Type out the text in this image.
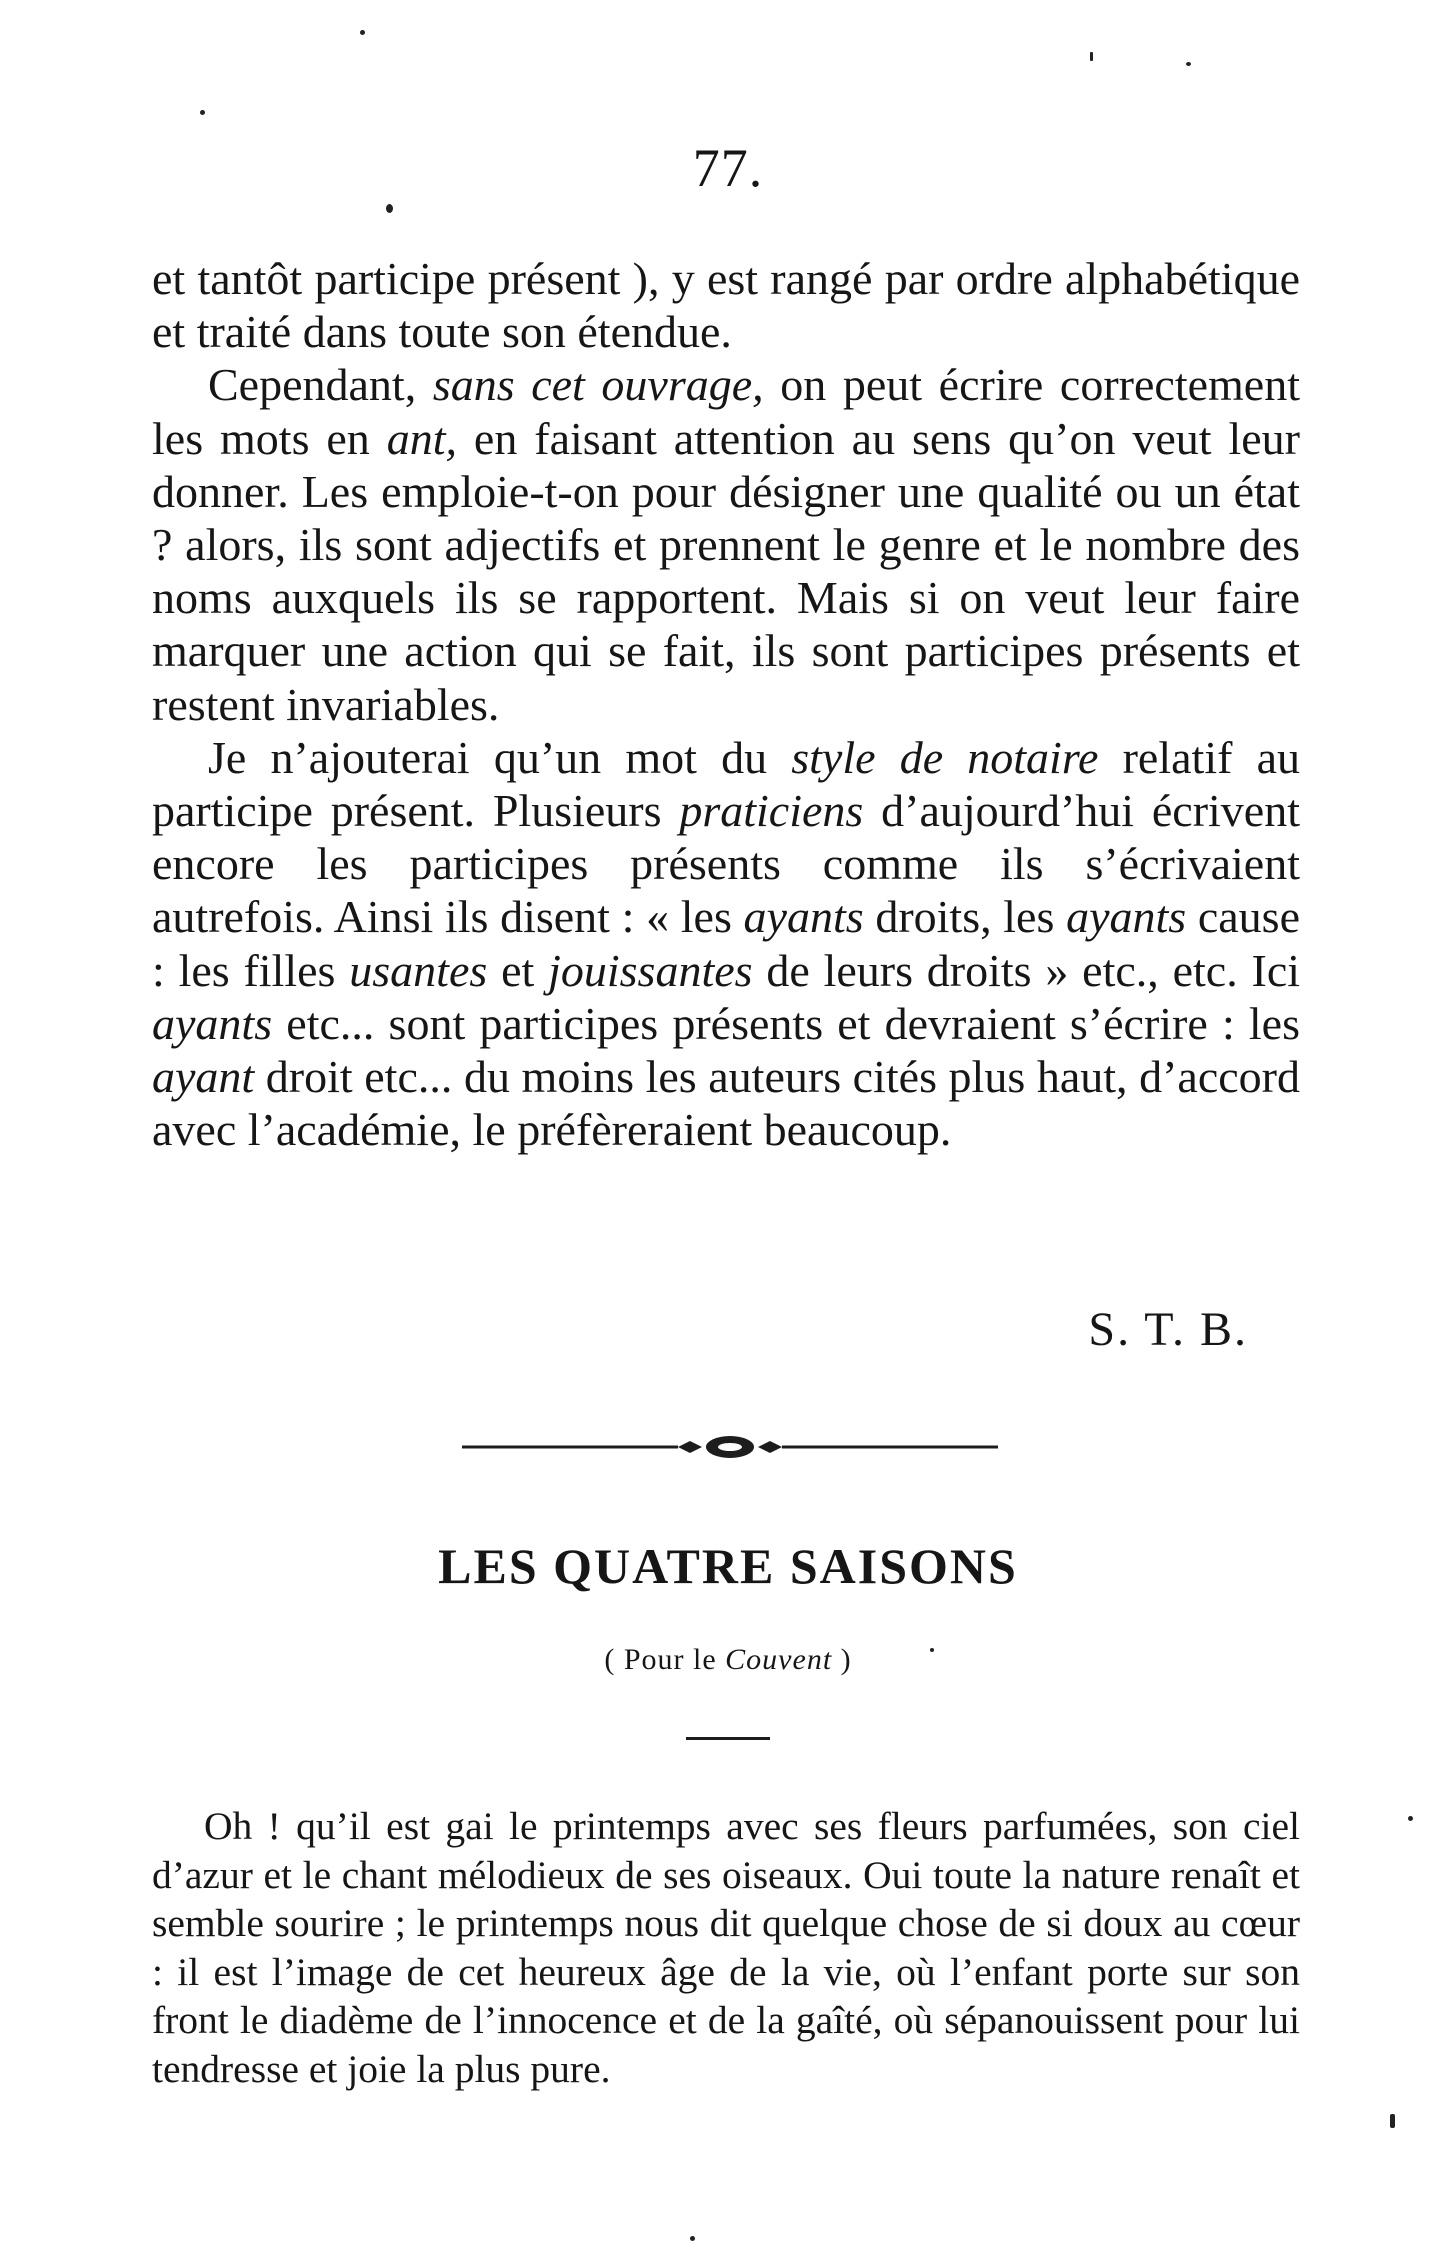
77.

et tantôt participe présent ), y est rangé par ordre alphabétique et traité dans toute son étendue.

Cependant, sans cet ouvrage, on peut écrire correctement les mots en ant, en faisant attention au sens qu’on veut leur donner. Les emploie-t-on pour désigner une qualité ou un état ? alors, ils sont adjectifs et prennent le genre et le nombre des noms auxquels ils se rapportent. Mais si on veut leur faire marquer une action qui se fait, ils sont participes présents et restent invariables.

Je n’ajouterai qu’un mot du style de notaire relatif au participe présent. Plusieurs praticiens d’aujourd’hui écrivent encore les participes présents comme ils s’écrivaient autrefois. Ainsi ils disent : « les ayants droits, les ayants cause : les filles usantes et jouissantes de leurs droits » etc., etc. Ici ayants etc... sont participes présents et devraient s’écrire : les ayant droit etc... du moins les auteurs cités plus haut, d’accord avec l’académie, le préfèreraient beaucoup.

S. T. B.
LES QUATRE SAISONS
( Pour le Couvent )

Oh ! qu’il est gai le printemps avec ses fleurs parfumées, son ciel d’azur et le chant mélodieux de ses oiseaux. Oui toute la nature renaît et semble sourire ; le printemps nous dit quelque chose de si doux au cœur : il est l’image de cet heureux âge de la vie, où l’enfant porte sur son front le diadème de l’innocence et de la gaîté, où sépanouissent pour lui tendresse et joie la plus pure.
